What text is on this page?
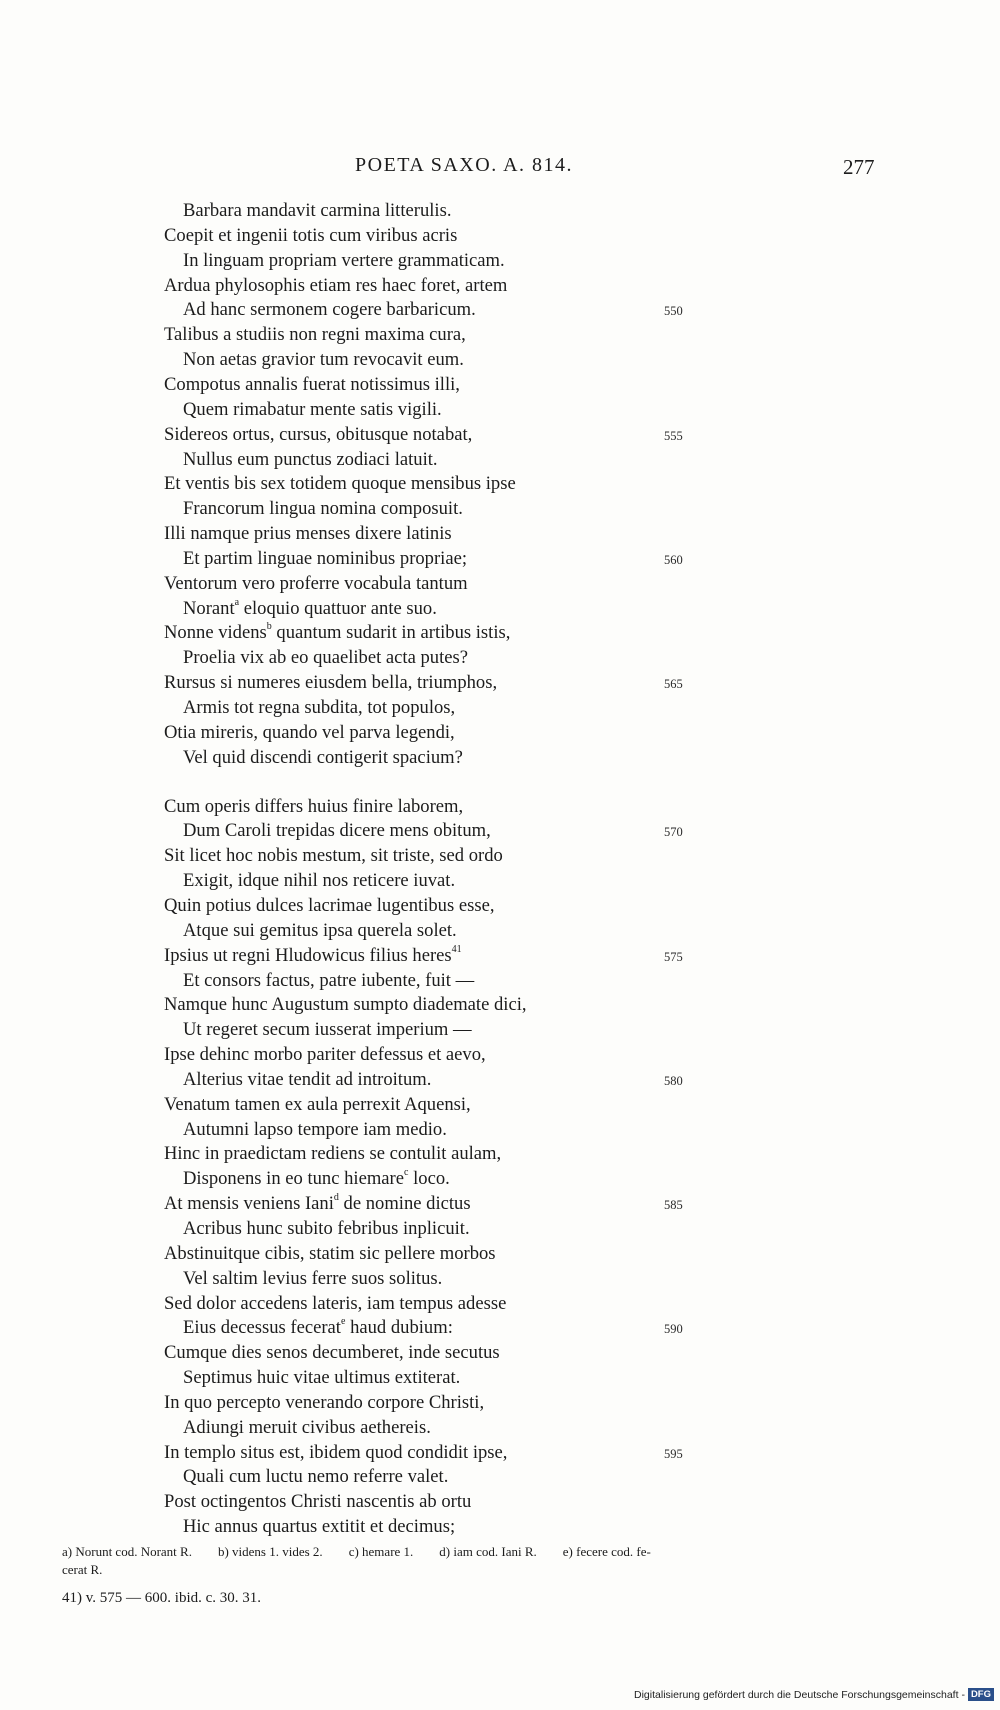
POETA SAXO. A. 814.	277
Barbara mandavit carmina litterulis.
Coepit et ingenii totis cum viribus acris
In linguam propriam vertere grammaticam.
Ardua phylosophis etiam res haec foret, artem
Ad hanc sermonem cogere barbaricum.	550
Talibus a studiis non regni maxima cura,
Non aetas gravior tum revocavit eum.
Compotus annalis fuerat notissimus illi,
Quem rimabatur mente satis vigili.
Sidereos ortus, cursus, obitusque notabat,	555
Nullus eum punctus zodiaci latuit.
Et ventis bis sex totidem quoque mensibus ipse
Francorum lingua nomina composuit.
Illi namque prius menses dixere latinis
Et partim linguae nominibus propriae;	560
Ventorum vero proferre vocabula tantum
Norant$^a$ eloquio quattuor ante suo.
Nonne videns$^b$ quantum sudarit in artibus istis,
Proelia vix ab eo quaelibet acta putes?
Rursus si numeres eiusdem bella, triumphos,	565
Armis tot regna subdita, tot populos,
Otia mireris, quando vel parva legendi,
Vel quid discendi contigerit spacium?
Cum operis differs huius finire laborem,
Dum Caroli trepidas dicere mens obitum,	570
Sit licet hoc nobis mestum, sit triste, sed ordo
Exigit, idque nihil nos reticere iuvat.
Quin potius dulces lacrimae lugentibus esse,
Atque sui gemitus ipsa querela solet.
Ipsius ut regni Hludowicus filius heres$^{41}$
575
Et consors factus, patre iubente, fuit —
Namque hunc Augustum sumpto diademate dici,
Ut regeret secum iusserat imperium —
Ipse dehinc morbo pariter defessus et aevo,
Alterius vitae tendit ad introitum.	580
Venatum tamen ex aula perrexit Aquensi,
Autumni lapso tempore iam medio.
Hinc in praedictam rediens se contulit aulam,
Disponens in eo tunc hiemare$^c$ loco.
At mensis veniens Iani$^d$ de nomine dictus	585
Acribus hunc subito febribus inplicuit.
Abstinuitque cibis, statim sic pellere morbos
Vel saltim levius ferre suos solitus.
Sed dolor accedens lateris, iam tempus adesse
Eius decessus fecerat$^e$ haud dubium:	590
Cumque dies senos decumberet, inde secutus
Septimus huic vitae ultimus extiterat.
In quo percepto venerando corpore Christi,
Adiungi meruit civibus aethereis.
In templo situs est, ibidem quod condidit ipse,	595
Quali cum luctu nemo referre valet.
Post octingentos Christi nascentis ab ortu
Hic annus quartus extitit et decimus;
a) Norunt cod. Norant R. b) videns 1. vides 2. c) hemare 1. d) iam cod. Iani R. e) fecere cod. fe-
cerat R.
41) v. 575 — 600. ibid. c. 30. 31.
Digitalisierung gefördert durch die Deutsche Forschungsgemeinschaft - DFG
